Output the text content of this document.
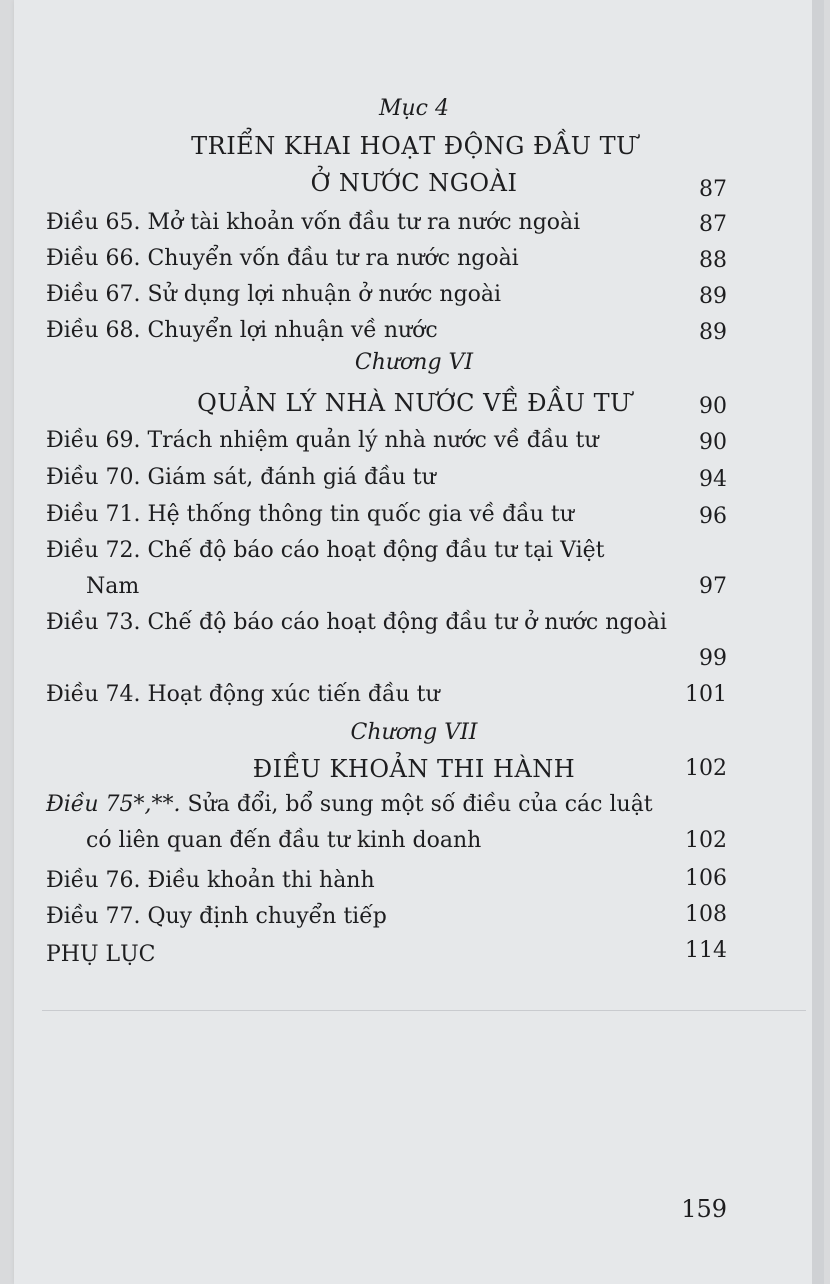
Mục 4
TRIỂN KHAI HOẠT ĐỘNG ĐẦU TƯ
Ở NƯỚC NGOÀI	87
Điều 65. Mở tài khoản vốn đầu tư ra nước ngoài	87
Điều 66. Chuyển vốn đầu tư ra nước ngoài	88
Điều 67. Sử dụng lợi nhuận ở nước ngoài	89
Điều 68. Chuyển lợi nhuận về nước	89
Chương VI
QUẢN LÝ NHÀ NƯỚC VỀ ĐẦU TƯ	90
Điều 69. Trách nhiệm quản lý nhà nước về đầu tư	90
Điều 70. Giám sát, đánh giá đầu tư	94
Điều 71. Hệ thống thông tin quốc gia về đầu tư	96
Điều 72. Chế độ báo cáo hoạt động đầu tư tại Việt
Nam	97
Điều 73. Chế độ báo cáo hoạt động đầu tư ở nước ngoài
99
Điều 74. Hoạt động xúc tiến đầu tư	101
Chương VII
ĐIỀU KHOẢN THI HÀNH	102
Điều 75*,**. Sửa đổi, bổ sung một số điều của các luật
có liên quan đến đầu tư kinh doanh	102
Điều 76. Điều khoản thi hành	106
Điều 77. Quy định chuyển tiếp	108
PHỤ LỤC	114
159
